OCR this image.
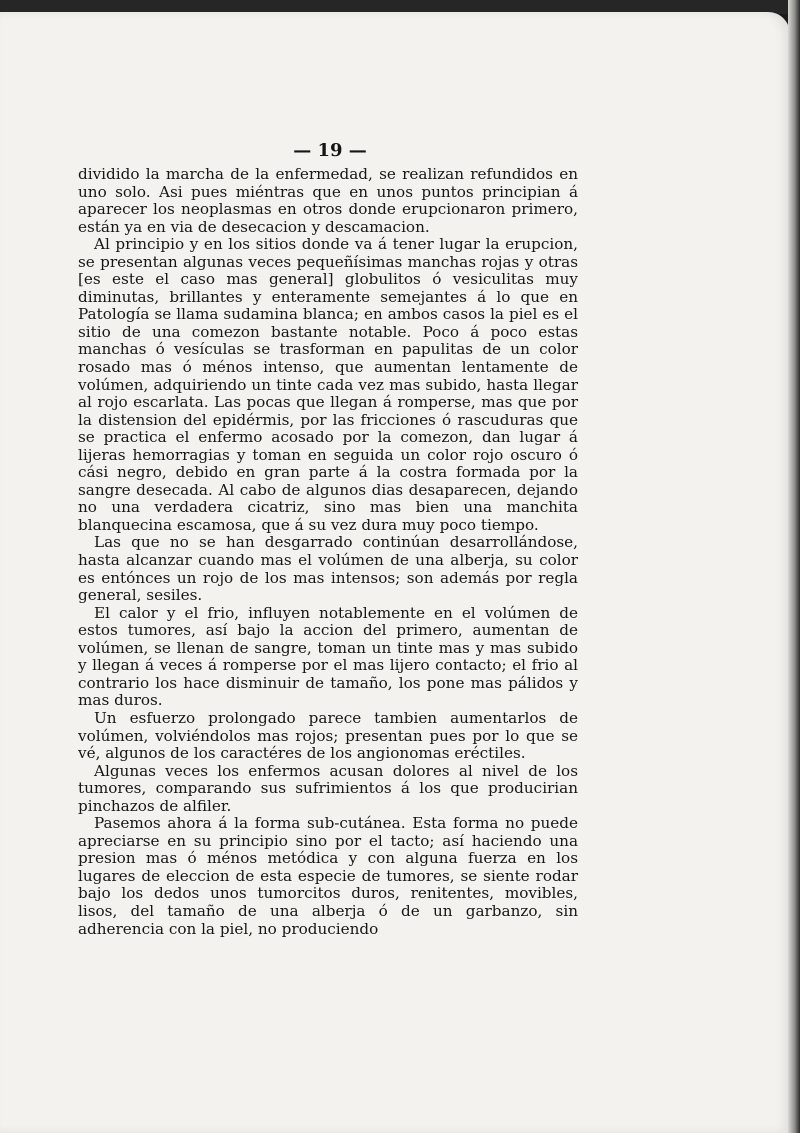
— 19 —

dividido la marcha de la enfermedad, se realizan refundidos en uno solo. Asi pues miéntras que en unos puntos principian á aparecer los neoplasmas en otros donde erupcionaron primero, están ya en via de desecacion y descamacion.

Al principio y en los sitios donde va á tener lugar la erupcion, se presentan algunas veces pequeñísimas manchas rojas y otras [es este el caso mas general] globulitos ó vesiculitas muy diminutas, brillantes y enteramente semejantes á lo que en Patología se llama sudamina blanca; en ambos casos la piel es el sitio de una comezon bastante notable. Poco á poco estas manchas ó vesículas se trasforman en papulitas de un color rosado mas ó ménos intenso, que aumentan lentamente de volúmen, adquiriendo un tinte cada vez mas subido, hasta llegar al rojo escarlata. Las pocas que llegan á romperse, mas que por la distension del epidérmis, por las fricciones ó rascuduras que se practica el enfermo acosado por la comezon, dan lugar á lijeras hemorragias y toman en seguida un color rojo oscuro ó cási negro, debido en gran parte á la costra formada por la sangre desecada. Al cabo de algunos dias desaparecen, dejando no una verdadera cicatriz, sino mas bien una manchita blanquecina escamosa, que á su vez dura muy poco tiempo.

Las que no se han desgarrado continúan desarrollándose, hasta alcanzar cuando mas el volúmen de una alberja, su color es entónces un rojo de los mas intensos; son además por regla general, sesiles.

El calor y el frio, influyen notablemente en el volúmen de estos tumores, así bajo la accion del primero, aumentan de volúmen, se llenan de sangre, toman un tinte mas y mas subido y llegan á veces á romperse por el mas lijero contacto; el frio al contrario los hace disminuir de tamaño, los pone mas pálidos y mas duros.

Un esfuerzo prolongado parece tambien aumentarlos de volúmen, volviéndolos mas rojos; presentan pues por lo que se vé, algunos de los caractéres de los angionomas eréctiles.

Algunas veces los enfermos acusan dolores al nivel de los tumores, comparando sus sufrimientos á los que producirian pinchazos de alfiler.

Pasemos ahora á la forma sub-cutánea. Esta forma no puede apreciarse en su principio sino por el tacto; así haciendo una presion mas ó ménos metódica y con alguna fuerza en los lugares de eleccion de esta especie de tumores, se siente rodar bajo los dedos unos tumorcitos duros, renitentes, movibles, lisos, del tamaño de una alberja ó de un garbanzo, sin adherencia con la piel, no produciendo
